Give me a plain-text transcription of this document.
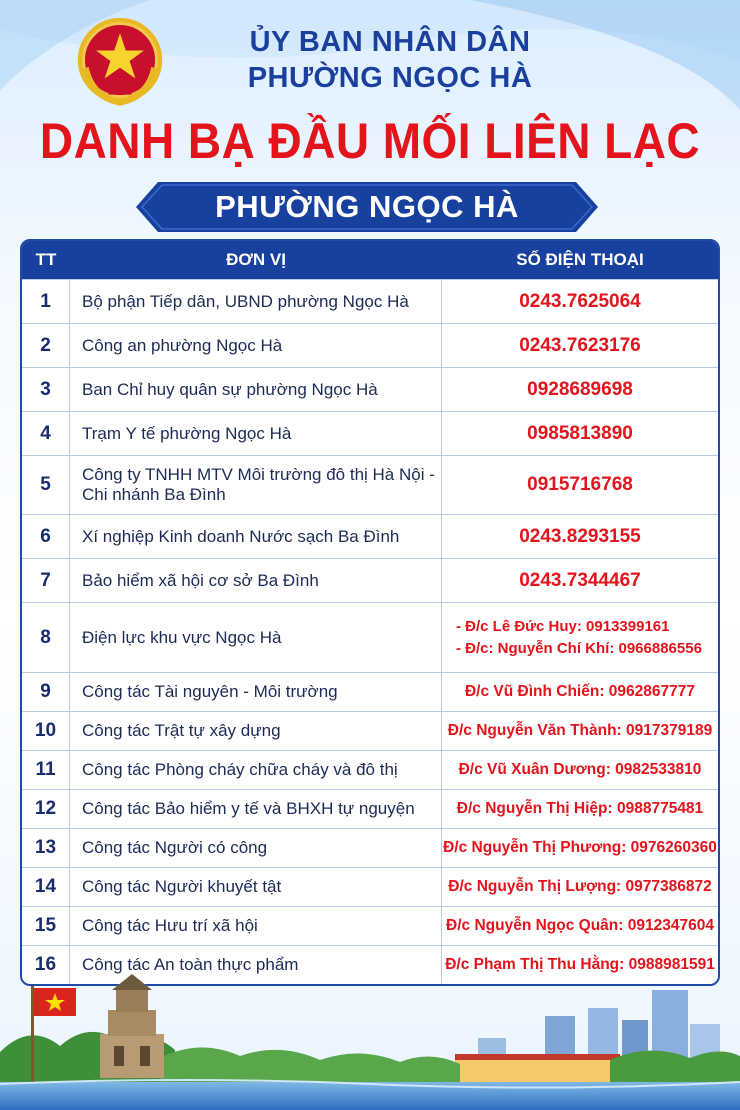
ỦY BAN NHÂN DÂN
PHƯỜNG NGỌC HÀ
DANH BẠ ĐẦU MỐI LIÊN LẠC
PHƯỜNG NGỌC HÀ
TT	ĐƠN VỊ	SỐ ĐIỆN THOẠI
1	Bộ phận Tiếp dân, UBND phường Ngọc Hà	0243.7625064
2	Công an phường Ngọc Hà	0243.7623176
3	Ban Chỉ huy quân sự phường Ngọc Hà	0928689698
4	Trạm Y tế phường Ngọc Hà	0985813890
5	Công ty TNHH MTV Môi trường đô thị Hà Nội -
Chi nhánh Ba Đình	0915716768
6	Xí nghiệp Kinh doanh Nước sạch Ba Đình	0243.8293155
7	Bảo hiểm xã hội cơ sở Ba Đình	0243.7344467
8	Điện lực khu vực Ngọc Hà
- Đ/c Lê Đức Huy: 0913399161
- Đ/c: Nguyễn Chí Khí: 0966886556
9	Công tác Tài nguyên - Môi trường	Đ/c Vũ Đình Chiến: 0962867777
10	Công tác Trật tự xây dựng	Đ/c Nguyễn Văn Thành: 0917379189
11	Công tác Phòng cháy chữa cháy và đô thị	Đ/c Vũ Xuân Dương: 0982533810
12	Công tác Bảo hiểm y tế và BHXH tự nguyện	Đ/c Nguyễn Thị Hiệp: 0988775481
13	Công tác Người có công	Đ/c Nguyễn Thị Phương: 0976260360
14	Công tác Người khuyết tật	Đ/c Nguyễn Thị Lượng: 0977386872
15	Công tác Hưu trí xã hội	Đ/c Nguyễn Ngọc Quân: 0912347604
16	Công tác An toàn thực phẩm	Đ/c Phạm Thị Thu Hằng: 0988981591
